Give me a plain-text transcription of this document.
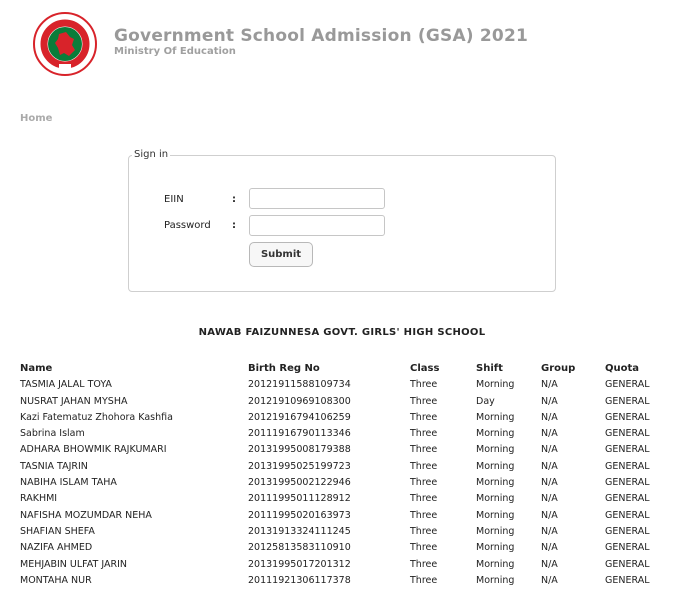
Government School Admission (GSA) 2021
Ministry Of Education
Home
Sign in
EIIN	:
Password :
Submit
NAWAB FAIZUNNESA GOVT. GIRLS' HIGH SCHOOL
Name	Birth Reg No	Class	Shift	Group	Quota
TASMIA JALAL TOYA	20121911588109734	Three	Morning	N/A	GENERAL
NUSRAT JAHAN MYSHA	20121910969108300	Three	Day	N/A	GENERAL
Kazi Fatematuz Zhohora Kashfia	20121916794106259	Three	Morning	N/A	GENERAL
Sabrina Islam	20111916790113346	Three	Morning	N/A	GENERAL
ADHARA BHOWMIK RAJKUMARI	20131995008179388	Three	Morning	N/A	GENERAL
TASNIA TAJRIN	20131995025199723	Three	Morning	N/A	GENERAL
NABIHA ISLAM TAHA	20131995002122946	Three	Morning	N/A	GENERAL
RAKHMI	20111995011128912	Three	Morning	N/A	GENERAL
NAFISHA MOZUMDAR NEHA	20111995020163973	Three	Morning	N/A	GENERAL
SHAFIAN SHEFA	20131913324111245	Three	Morning	N/A	GENERAL
NAZIFA AHMED	20125813583110910	Three	Morning	N/A	GENERAL
MEHJABIN ULFAT JARIN	20131995017201312	Three	Morning	N/A	GENERAL
MONTAHA NUR	20111921306117378	Three	Morning	N/A	GENERAL
